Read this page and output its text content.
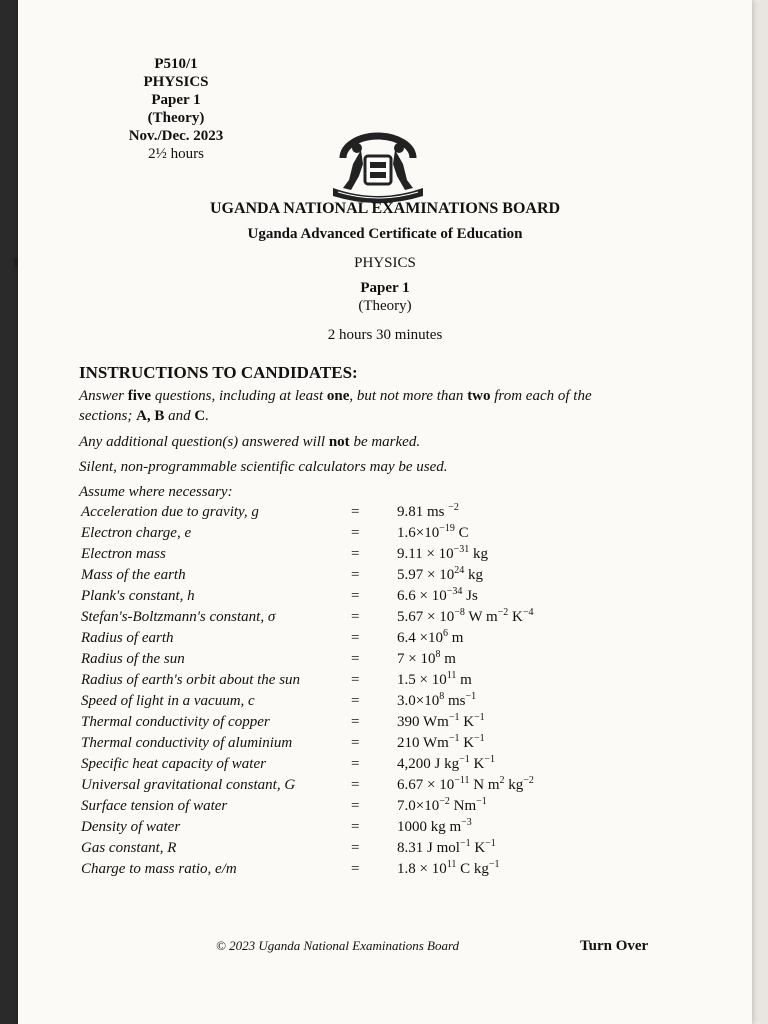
P510/1
PHYSICS
Paper 1
(Theory)
Nov./Dec. 2023
2½ hours
UGANDA NATIONAL EXAMINATIONS BOARD
Uganda Advanced Certificate of Education
PHYSICS
Paper 1
(Theory)
2 hours 30 minutes
INSTRUCTIONS TO CANDIDATES:
Answer five questions, including at least one, but not more than two from each of the sections; A, B and C.
Any additional question(s) answered will not be marked.
Silent, non-programmable scientific calculators may be used.
Assume where necessary:
Acceleration due to gravity, g	=	9.81 ms $^{-2}$
Electron charge, e	=	$1.6\times 10^{-19}$ C
Electron mass	=	$9.11 \times 10^{-31}$ kg
Mass of the earth	=	$5.97 \times 10^{24}$ kg
Plank's constant, h	=	$6.6 \times 10^{-34}$ Js
Stefan's-Boltzmann's constant, σ	=	$5.67 \times 10^{-8}$ W $m^{-2}$ $K^{-4}$
Radius of earth	=	$6.4 \times 10^6$ m
Radius of the sun	=	$7 \times 10^8$ m
Radius of earth's orbit about the sun	=	$1.5 \times 10^{11}$ m
Speed of light in a vacuum, c	=	$3.0\times 10^8$ $ms^{-1}$
Thermal conductivity of copper	=	390 $Wm^{-1}$ $K^{-1}$
Thermal conductivity of aluminium	=	210 $Wm^{-1}$ $K^{-1}$
Specific heat capacity of water	=	4,200 J $kg^{-1}$ $K^{-1}$
Universal gravitational constant, G	=	$6.67 \times 10^{-11}$ N $m^2$ $kg^{-2}$
Surface tension of water	=	$7.0\times 10^{-2}$ $Nm^{-1}$
Density of water	=	1000 kg $m^{-3}$
Gas constant, R	=	8.31 J mol$^{-1}$ $K^{-1}$
Charge to mass ratio, e/m	=	$1.8 \times 10^{11}$ C $kg^{-1}$
© 2023 Uganda National Examinations Board	Turn Over
